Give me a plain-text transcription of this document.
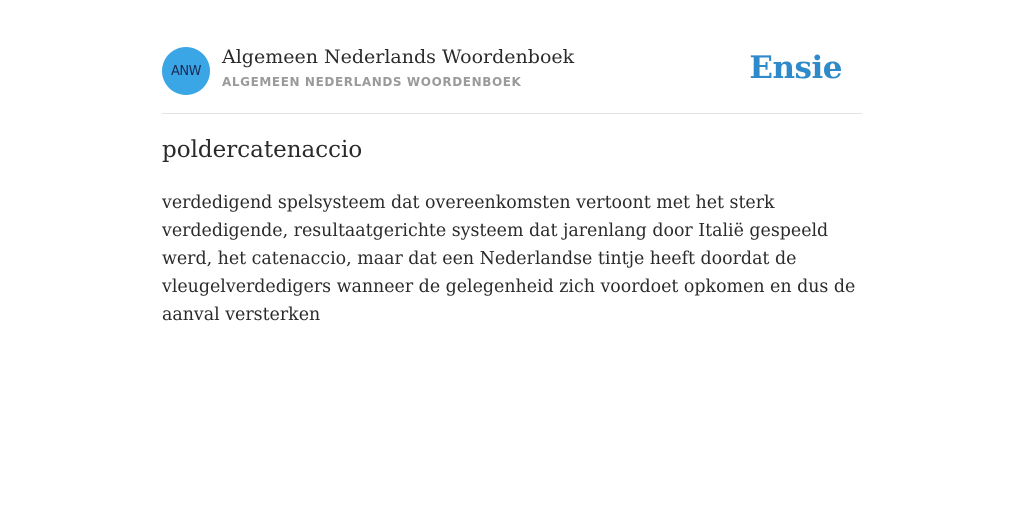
ANW
Algemeen Nederlands Woordenboek
ALGEMEEN NEDERLANDS WOORDENBOEK	Ensie
poldercatenaccio

verdedigend spelsysteem dat overeenkomsten vertoont met het sterk verdedigende, resultaatgerichte systeem dat jarenlang door Italië gespeeld werd, het catenaccio, maar dat een Nederlandse tintje heeft doordat de vleugelverdedigers wanneer de gelegenheid zich voordoet opkomen en dus de aanval versterken
